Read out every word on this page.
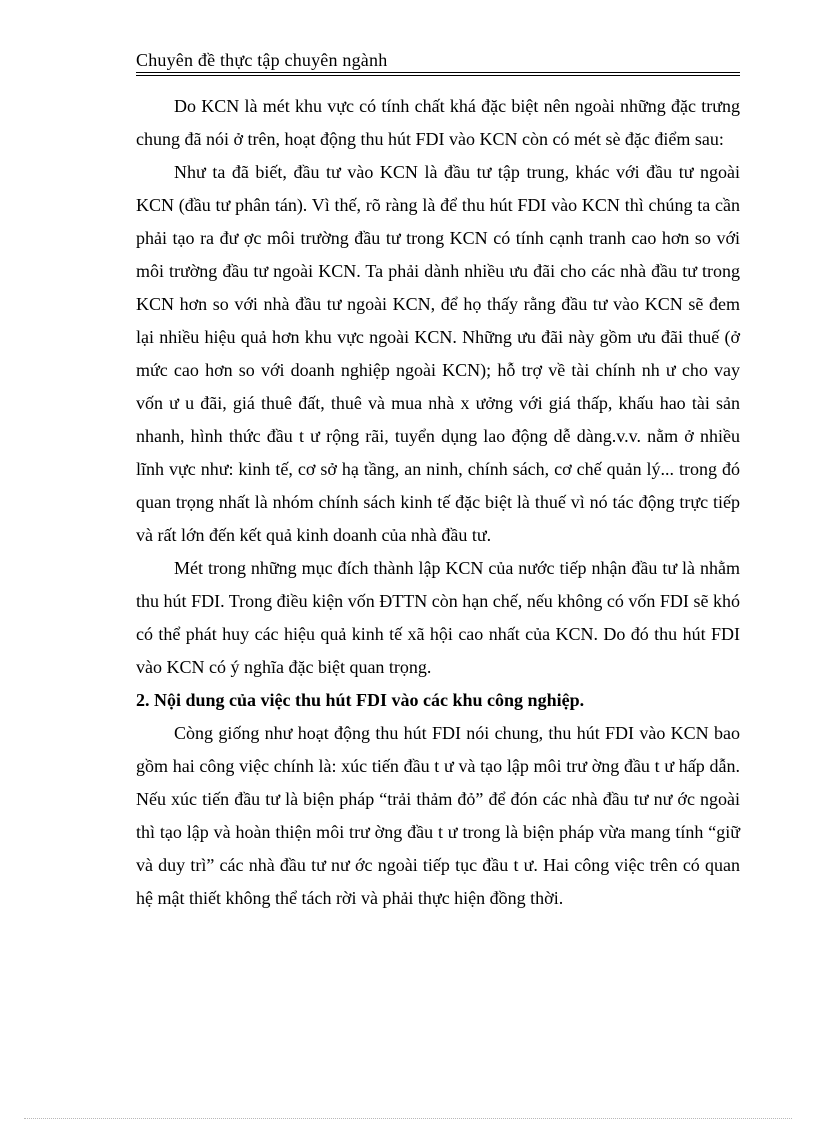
Chuyên đề thực tập chuyên ngành

Do KCN là mét khu vực có tính chất khá đặc biệt nên ngoài những đặc trưng chung đã nói ở trên, hoạt động thu hút FDI vào KCN còn có mét sè đặc điểm sau:

Như ta đã biết, đầu tư vào KCN là đầu tư tập trung, khác với đầu tư ngoài KCN (đầu tư phân tán). Vì thế, rõ ràng là để thu hút FDI vào KCN thì chúng ta cần phải tạo ra đư ợc môi trường đầu tư trong KCN có tính cạnh tranh cao hơn so với môi trường đầu tư ngoài KCN. Ta phải dành nhiều ưu đãi cho các nhà đầu tư trong KCN hơn so với nhà đầu tư ngoài KCN, để họ thấy rằng đầu tư vào KCN sẽ đem lại nhiều hiệu quả hơn khu vực ngoài KCN. Những ưu đãi này gồm ưu đãi thuế (ở mức cao hơn so với doanh nghiệp ngoài KCN); hỗ trợ về tài chính nh ư cho vay vốn ư u đãi, giá thuê đất, thuê và mua nhà x ưởng với giá thấp, khấu hao tài sản nhanh, hình thức đầu t ư rộng rãi, tuyển dụng lao động dễ dàng.v.v. nằm ở nhiều lĩnh vực như: kinh tế, cơ sở hạ tầng, an ninh, chính sách, cơ chế quản lý... trong đó quan trọng nhất là nhóm chính sách kinh tế đặc biệt là thuế vì nó tác động trực tiếp và rất lớn đến kết quả kinh doanh của nhà đầu tư.

Mét trong những mục đích thành lập KCN của nước tiếp nhận đầu tư là nhằm thu hút FDI. Trong điều kiện vốn ĐTTN còn hạn chế, nếu không có vốn FDI sẽ khó có thể phát huy các hiệu quả kinh tế xã hội cao nhất của KCN. Do đó thu hút FDI vào KCN có ý nghĩa đặc biệt quan trọng.

2. Nội dung của việc thu hút FDI vào các khu công nghiệp.

Còng giống như hoạt động thu hút FDI nói chung, thu hút FDI vào KCN bao gồm hai công việc chính là: xúc tiến đầu t ư và tạo lập môi trư ờng đầu t ư hấp dẫn. Nếu xúc tiến đầu tư là biện pháp “trải thảm đỏ” để đón các nhà đầu tư nư ớc ngoài thì tạo lập và hoàn thiện môi trư ờng đầu t ư trong là biện pháp vừa mang tính “giữ và duy trì” các nhà đầu tư nư ớc ngoài tiếp tục đầu t ư. Hai công việc trên có quan hệ mật thiết không thể tách rời và phải thực hiện đồng thời.
